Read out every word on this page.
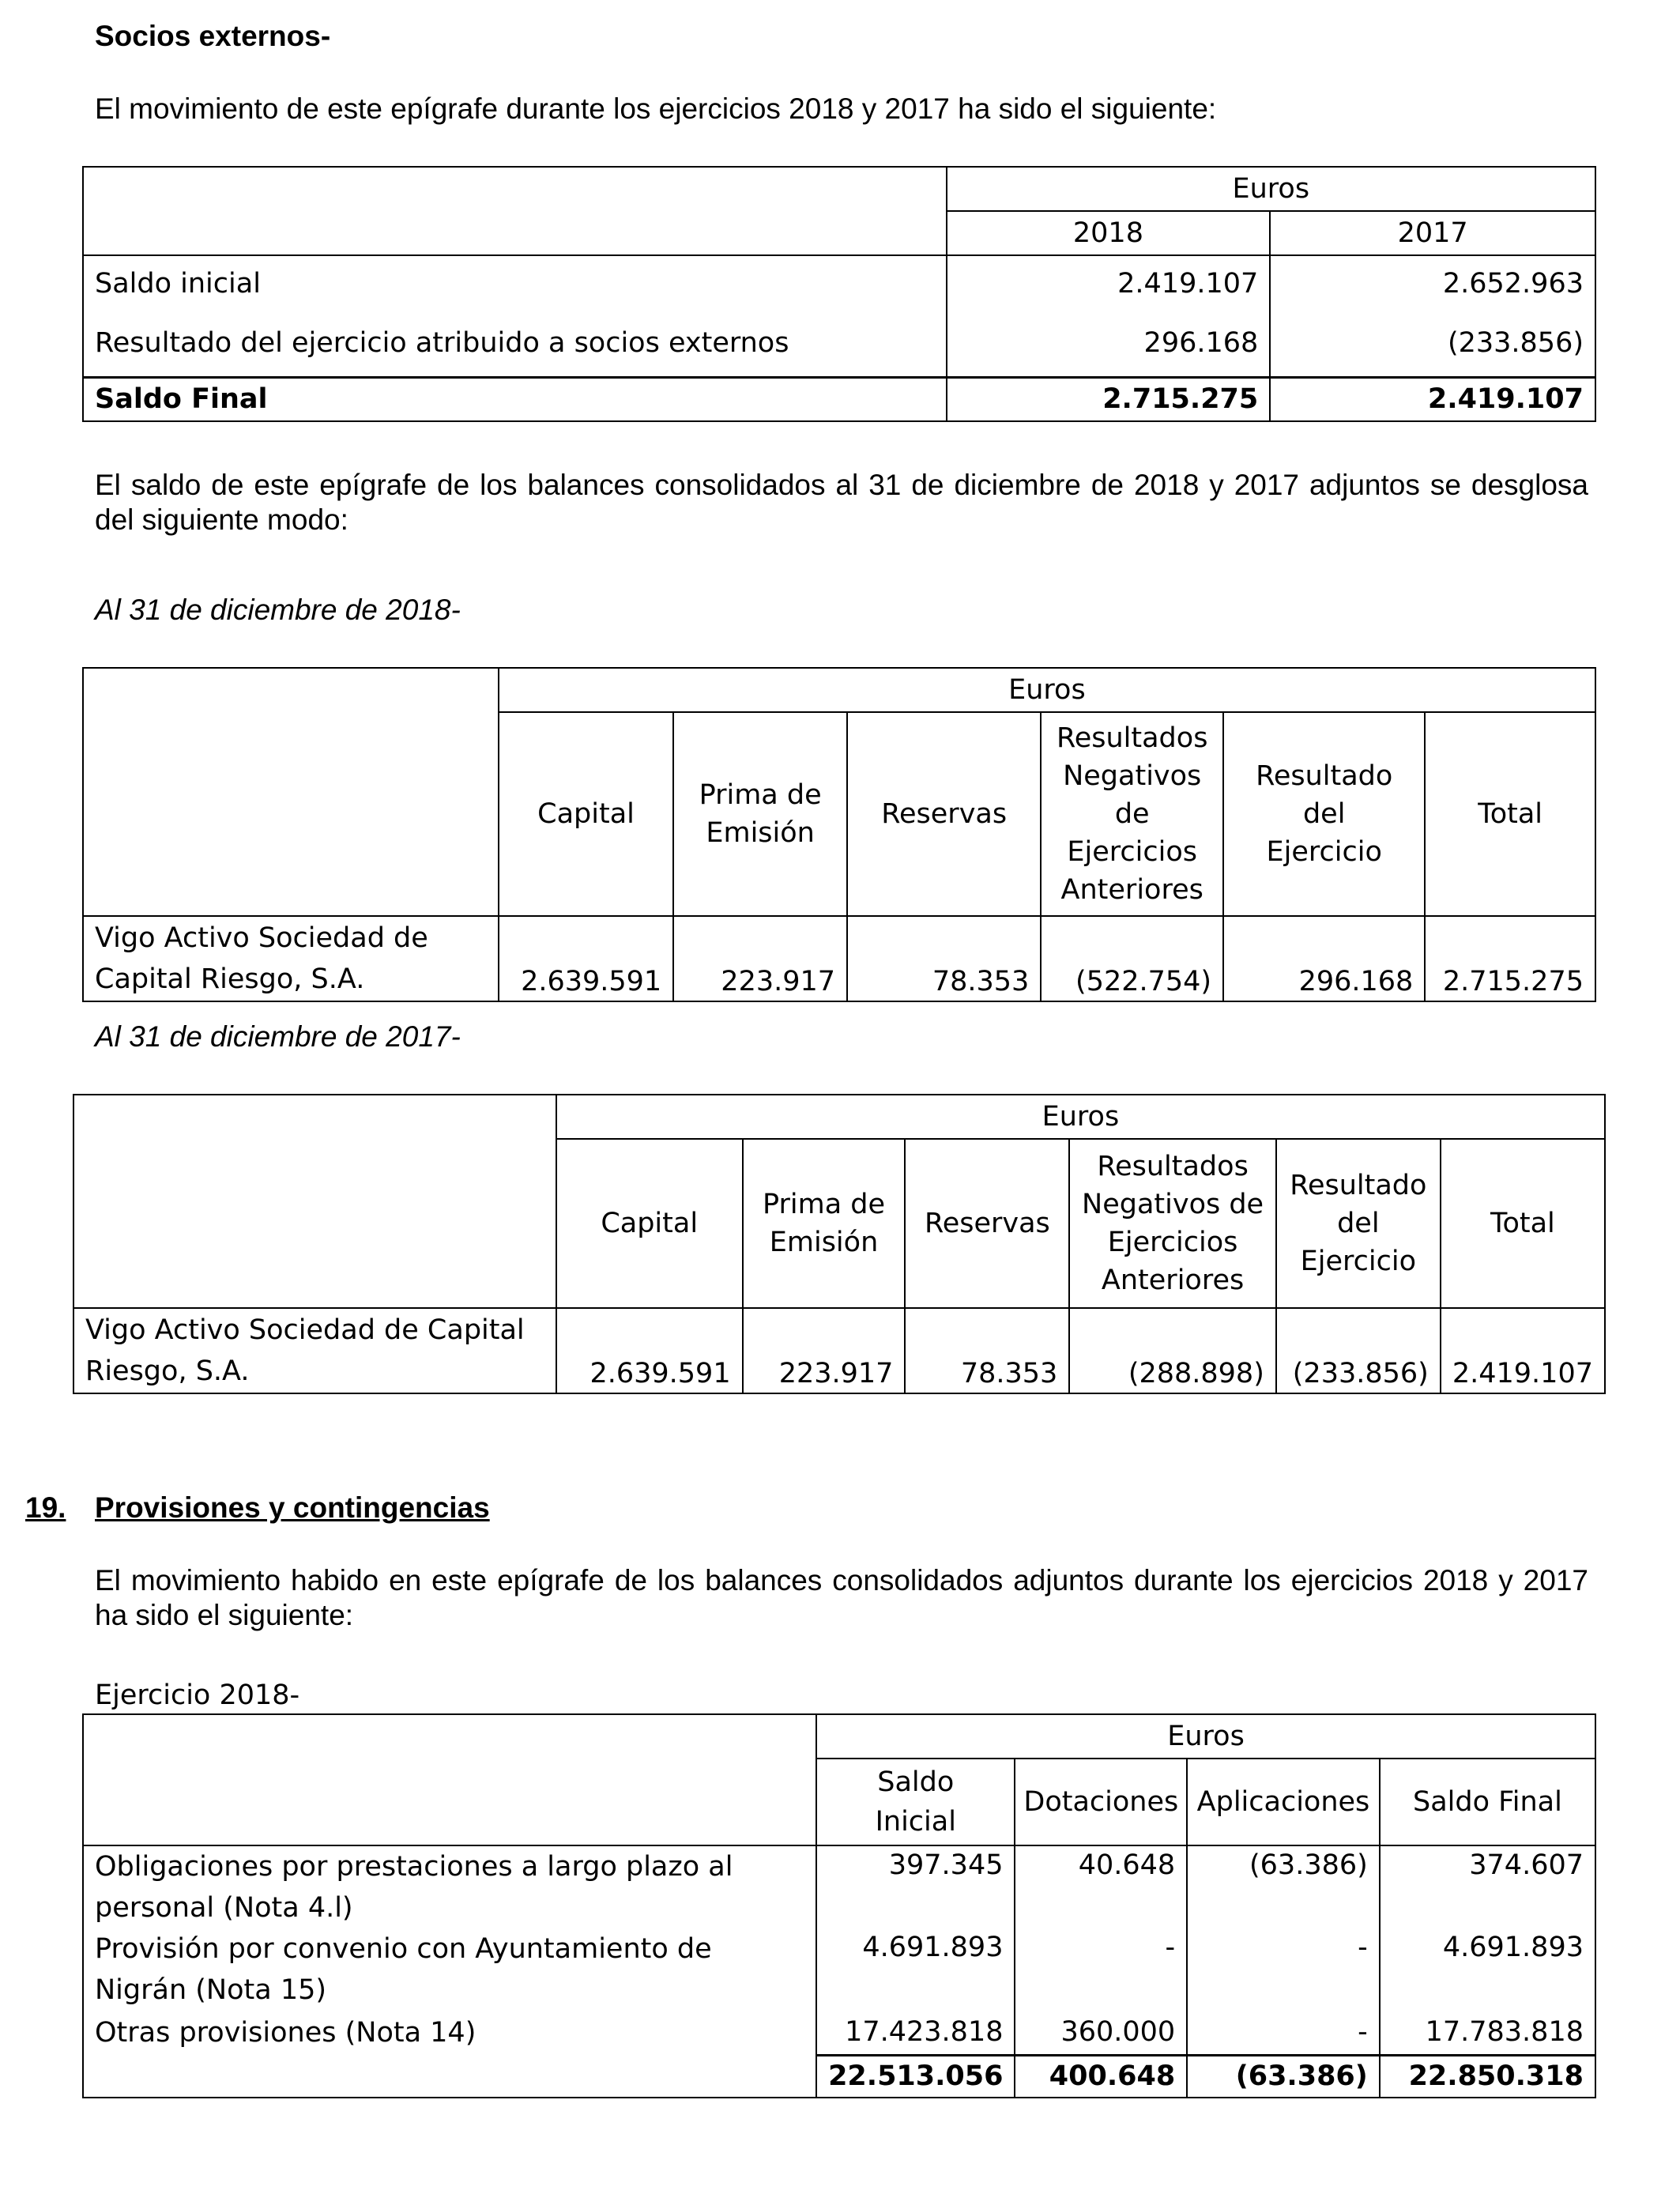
Socios externos-
El movimiento de este epígrafe durante los ejercicios 2018 y 2017 ha sido el siguiente:
	Euros	
	2018	2017
Saldo inicial	2.419.107	2.652.963
Resultado del ejercicio atribuido a socios externos	296.168	(233.856)
Saldo Final	2.715.275	2.419.107
El saldo de este epígrafe de los balances consolidados al 31 de diciembre de 2018 y 2017 adjuntos se desglosa del siguiente modo:
Al 31 de diciembre de 2018-
	Euros					
	Capital	Prima de Emisión	Reservas	Resultados Negativos de Ejercicios Anteriores	Resultado del Ejercicio	Total
Vigo Activo Sociedad de Capital Riesgo, S.A.	2.639.591	223.917	78.353	(522.754)	296.168	2.715.275
Al 31 de diciembre de 2017-
	Euros					
	Capital	Prima de Emisión	Reservas	Resultados Negativos de Ejercicios Anteriores	Resultado del Ejercicio	Total
Vigo Activo Sociedad de Capital Riesgo, S.A.	2.639.591	223.917	78.353	(288.898)	(233.856)	2.419.107
19. Provisiones y contingencias
El movimiento habido en este epígrafe de los balances consolidados adjuntos durante los ejercicios 2018 y 2017 ha sido el siguiente:
Ejercicio 2018-
	Euros			
	Saldo Inicial	Dotaciones	Aplicaciones	Saldo Final
Obligaciones por prestaciones a largo plazo al personal (Nota 4.l)	397.345	40.648	(63.386)	374.607
Provisión por convenio con Ayuntamiento de Nigrán (Nota 15)	4.691.893	-	-	4.691.893
Otras provisiones (Nota 14)	17.423.818	360.000	-	17.783.818
	22.513.056	400.648	(63.386)	22.850.318
